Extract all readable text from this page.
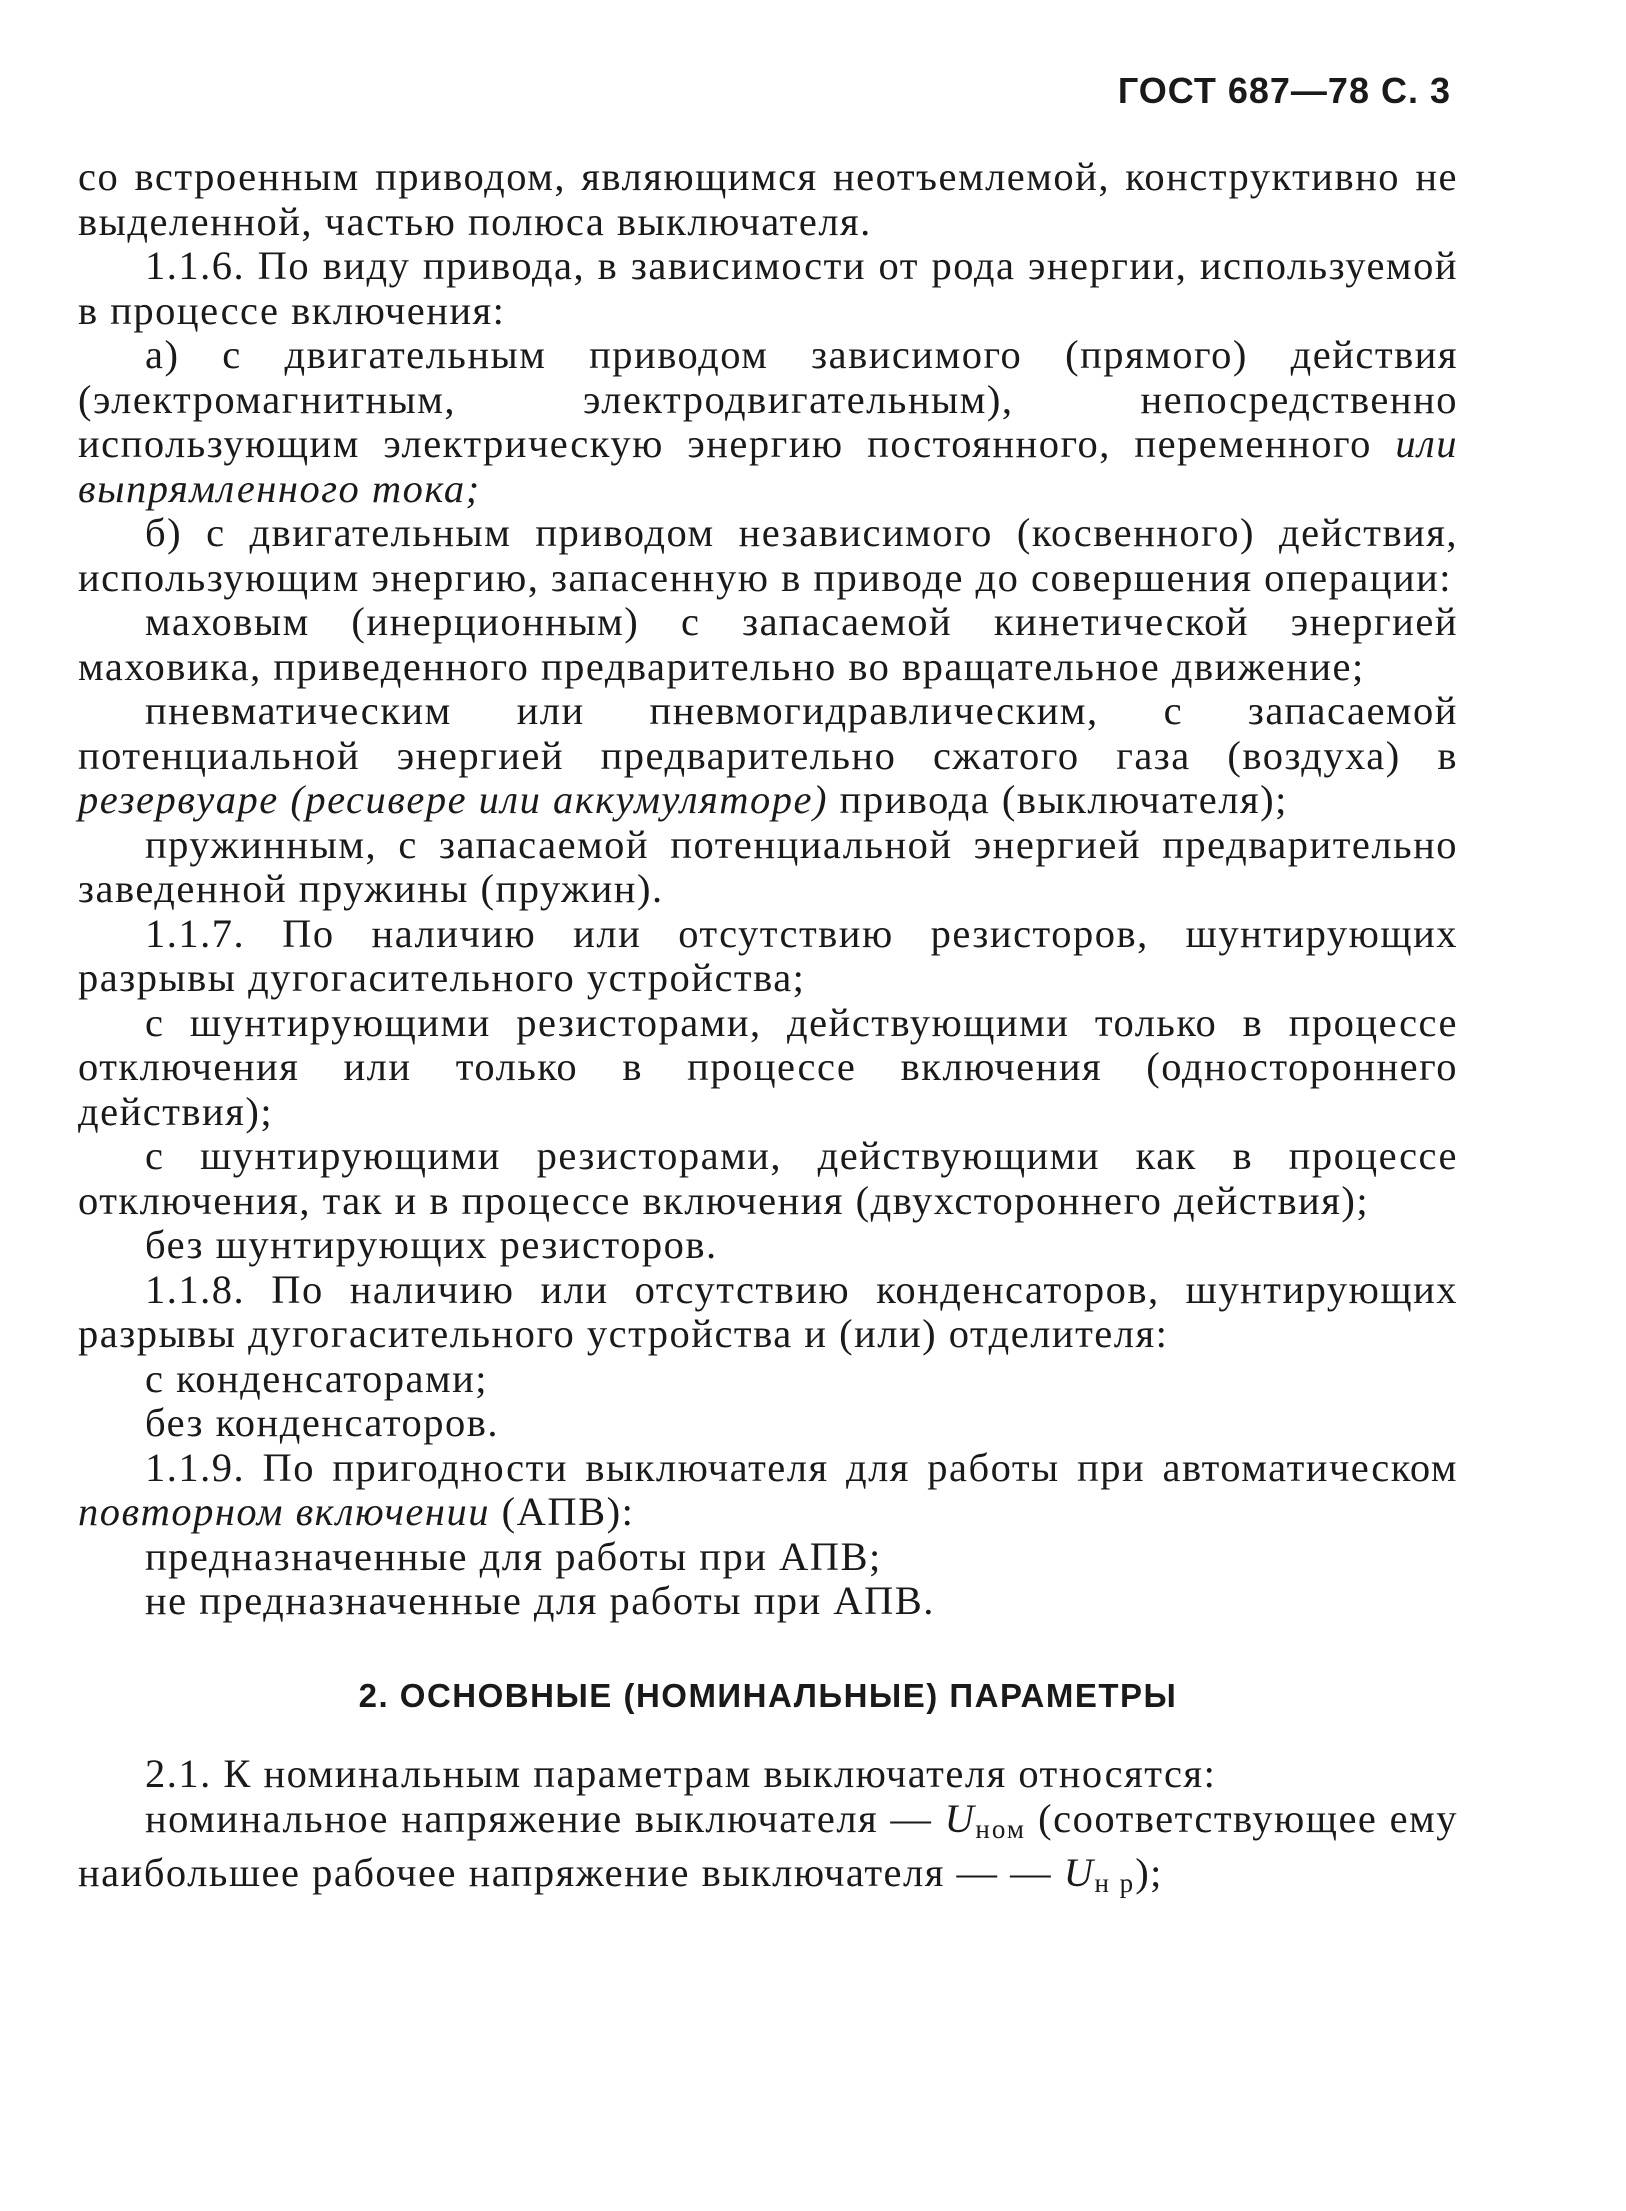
ГОСТ 687—78 С. 3

со встроенным приводом, являющимся неотъемлемой, конструктивно не выделенной, частью полюса выключателя.

1.1.6. По виду привода, в зависимости от рода энергии, используемой в процессе включения:

а) с двигательным приводом зависимого (прямого) действия (электромагнитным, электродвигательным), непосредственно использующим электрическую энергию постоянного, переменного или выпрямленного тока;

б) с двигательным приводом независимого (косвенного) действия, использующим энергию, запасенную в приводе до совершения операции:

маховым (инерционным) с запасаемой кинетической энергией маховика, приведенного предварительно во вращательное движение;

пневматическим или пневмогидравлическим, с запасаемой потенциальной энергией предварительно сжатого газа (воздуха) в резервуаре (ресивере или аккумуляторе) привода (выключателя);

пружинным, с запасаемой потенциальной энергией предварительно заведенной пружины (пружин).

1.1.7. По наличию или отсутствию резисторов, шунтирующих разрывы дугогасительного устройства;

с шунтирующими резисторами, действующими только в процессе отключения или только в процессе включения (одностороннего действия);

с шунтирующими резисторами, действующими как в процессе отключения, так и в процессе включения (двухстороннего действия);

без шунтирующих резисторов.

1.1.8. По наличию или отсутствию конденсаторов, шунтирующих разрывы дугогасительного устройства и (или) отделителя:

с конденсаторами;

без конденсаторов.

1.1.9. По пригодности выключателя для работы при автоматическом повторном включении (АПВ):

предназначенные для работы при АПВ;

не предназначенные для работы при АПВ.

2. ОСНОВНЫЕ (НОМИНАЛЬНЫЕ) ПАРАМЕТРЫ

2.1. К номинальным параметрам выключателя относятся:

номинальное напряжение выключателя — $U_{ном}$ (соответствующее ему наибольшее рабочее напряжение выключателя — — $U_{н р}$);
